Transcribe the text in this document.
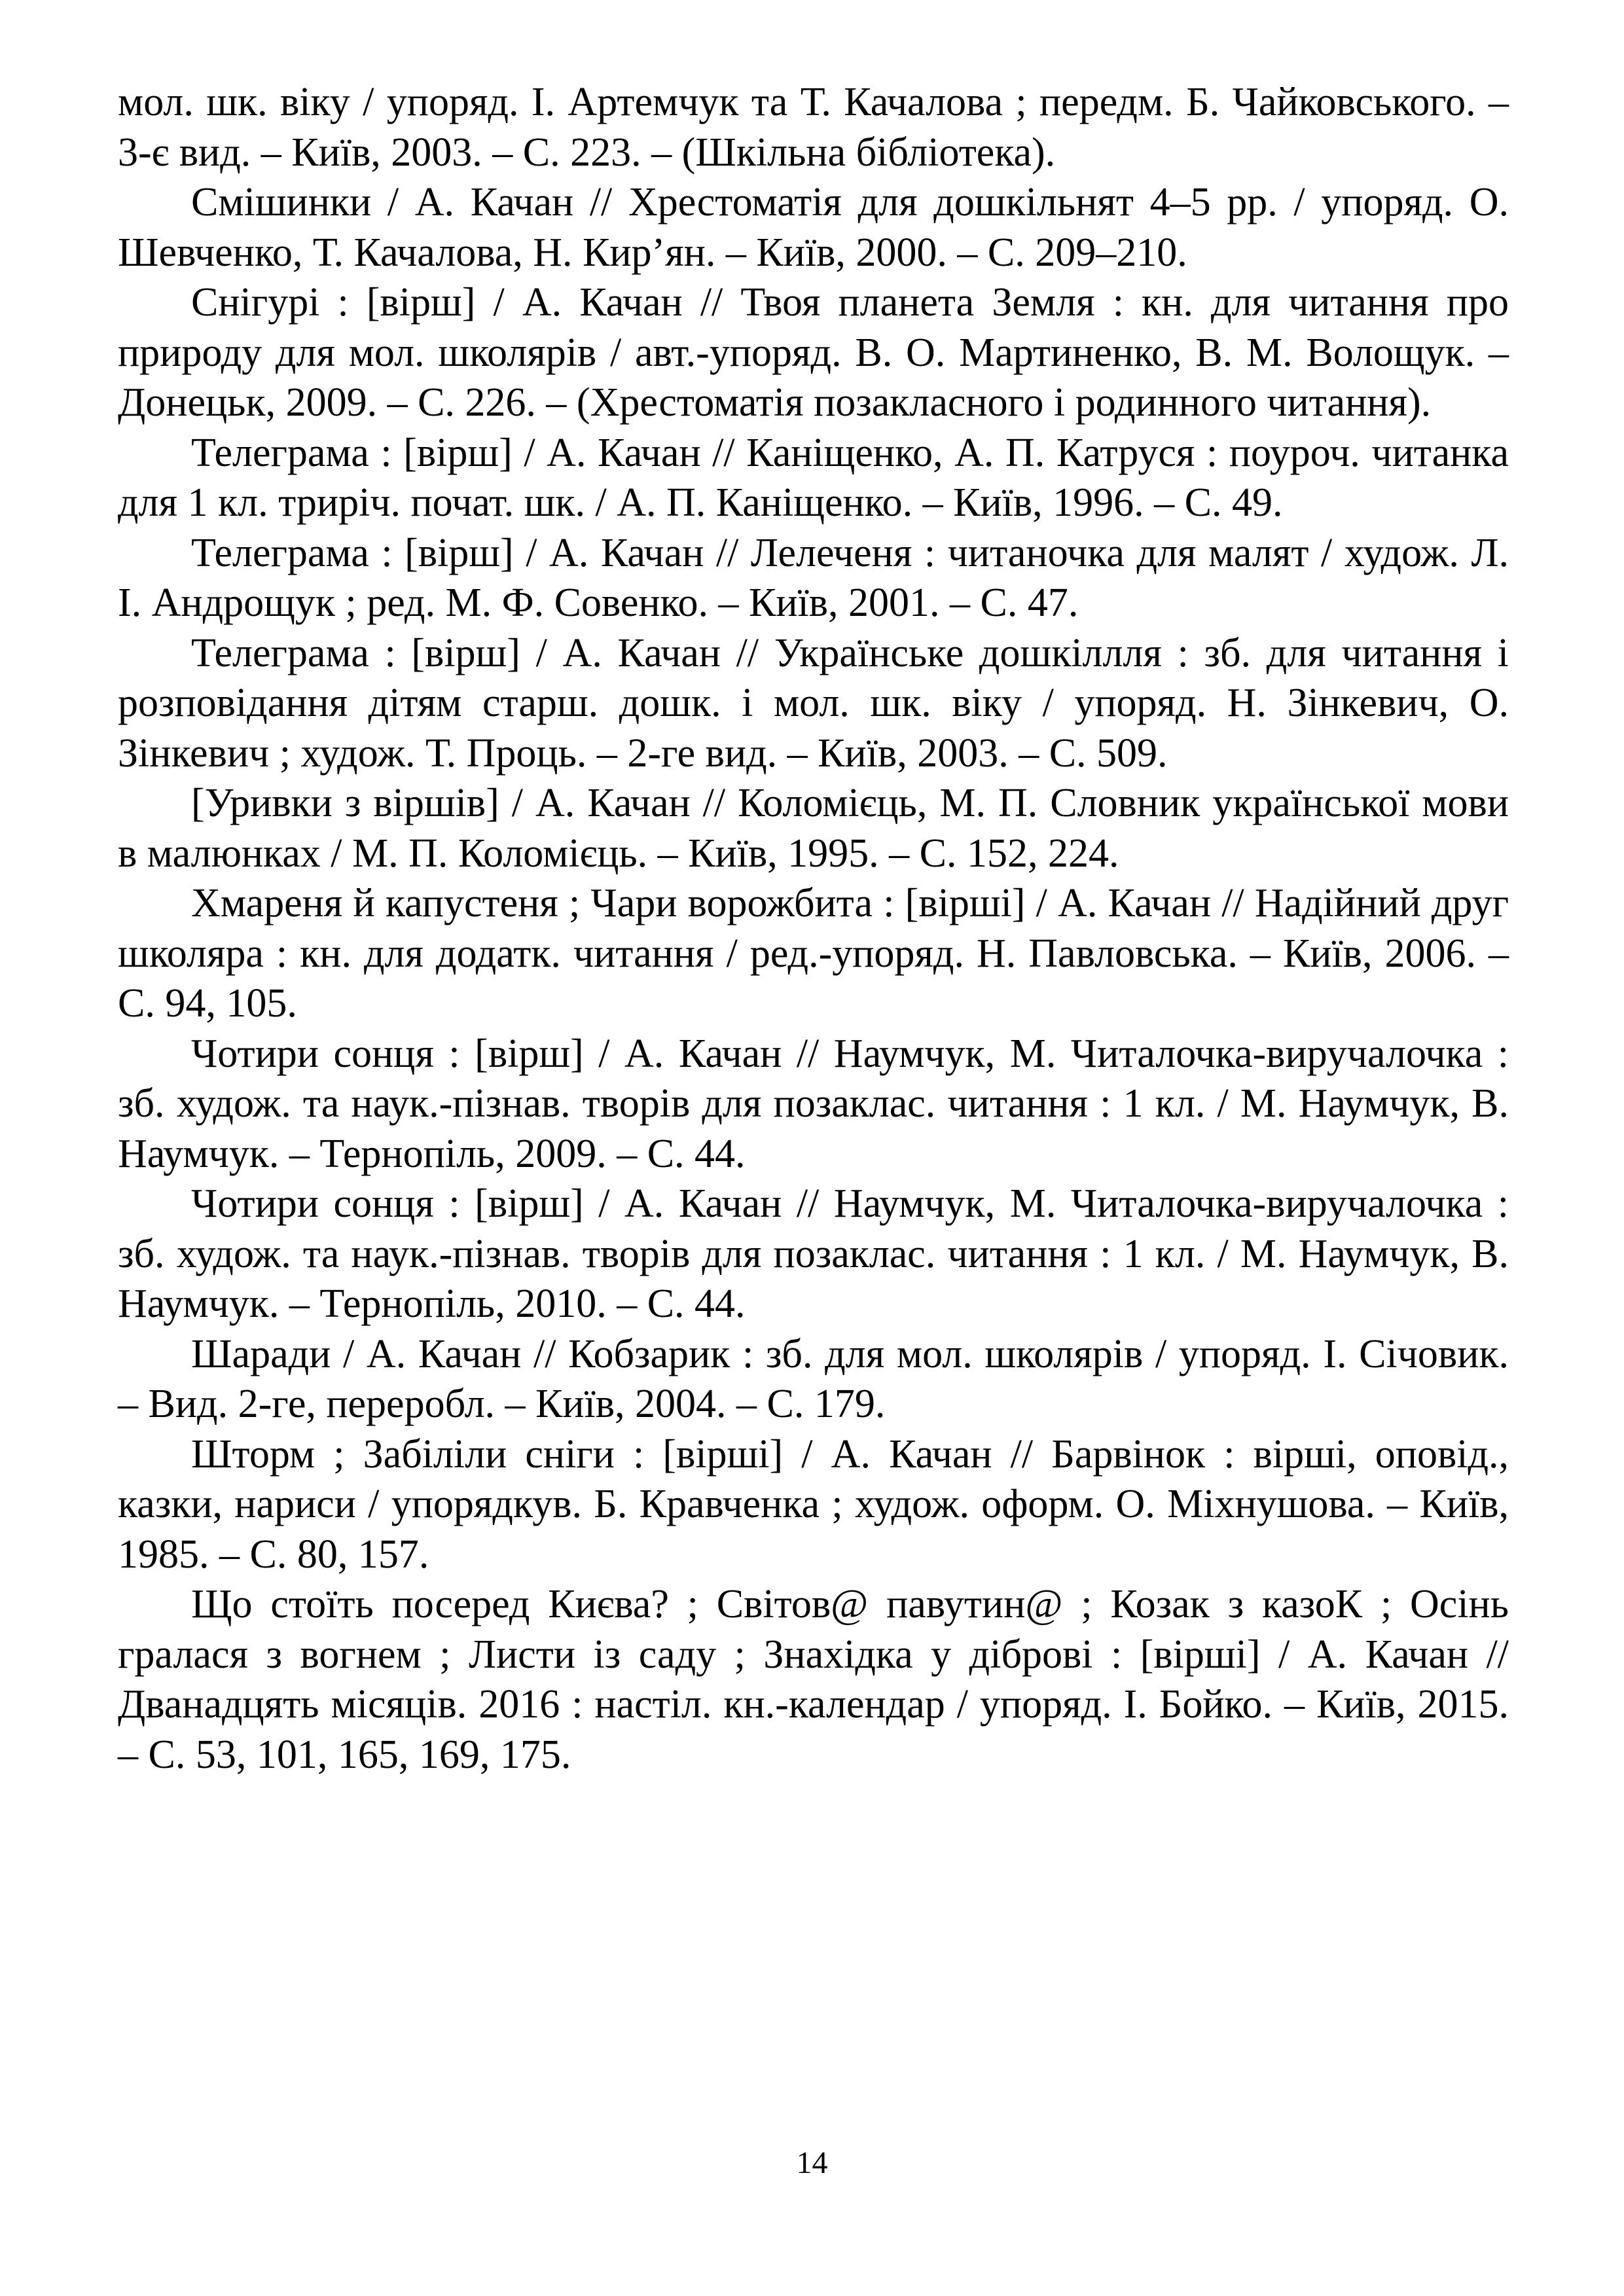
мол. шк. віку / упоряд. І. Артемчук та Т. Качалова ; передм. Б. Чайковського. – 3-є вид. – Київ, 2003. – С. 223. – (Шкільна бібліотека).

Смішинки / А. Качан // Хрестоматія для дошкільнят 4–5 рр. / упоряд. О. Шевченко, Т. Качалова, Н. Кир’ян. – Київ, 2000. – С. 209–210.

Снігурі : [вірш] / А. Качан // Твоя планета Земля : кн. для читання про природу для мол. школярів / авт.-упоряд. В. О. Мартиненко, В. М. Волощук. – Донецьк, 2009. – С. 226. – (Хрестоматія позакласного і родинного читання).

Телеграма : [вірш] / А. Качан // Каніщенко, А. П. Катруся : поуроч. читанка для 1 кл. триріч. почат. шк. / А. П. Каніщенко. – Київ, 1996. – С. 49.

Телеграма : [вірш] / А. Качан // Лелеченя : читаночка для малят / худож. Л. І. Андрощук ; ред. М. Ф. Совенко. – Київ, 2001. – С. 47.

Телеграма : [вірш] / А. Качан // Українське дошкіллля : зб. для читання і розповідання дітям старш. дошк. і мол. шк. віку / упоряд. Н. Зінкевич, О. Зінкевич ; худож. Т. Проць. – 2-ге вид. – Київ, 2003. – С. 509.

[Уривки з віршів] / А. Качан // Коломієць, М. П. Словник української мови в малюнках / М. П. Коломієць. – Київ, 1995. – С. 152, 224.

Хмареня й капустеня ; Чари ворожбита : [вірші] / А. Качан // Надійний друг школяра : кн. для додатк. читання / ред.-упоряд. Н. Павловська. – Київ, 2006. – С. 94, 105.

Чотири сонця : [вірш] / А. Качан // Наумчук, М. Читалочка-виручалочка : зб. худож. та наук.-пізнав. творів для позаклас. читання : 1 кл. / М. Наумчук, В. Наумчук. – Тернопіль, 2009. – С. 44.

Чотири сонця : [вірш] / А. Качан // Наумчук, М. Читалочка-виручалочка : зб. худож. та наук.-пізнав. творів для позаклас. читання : 1 кл. / М. Наумчук, В. Наумчук. – Тернопіль, 2010. – С. 44.

Шаради / А. Качан // Кобзарик : зб. для мол. школярів / упоряд. І. Січовик. – Вид. 2-ге, переробл. – Київ, 2004. – С. 179.

Шторм ; Забіліли сніги : [вірші] / А. Качан // Барвінок : вірші, оповід., казки, нариси / упорядкув. Б. Кравченка ; худож. оформ. О. Міхнушова. – Київ, 1985. – С. 80, 157.

Що стоїть посеред Києва? ; Світов@ павутин@ ; Козак з казоК ; Осінь гралася з вогнем ; Листи із саду ; Знахідка у діброві : [вірші] / А. Качан // Дванадцять місяців. 2016 : настіл. кн.-календар / упоряд. І. Бойко. – Київ, 2015. – С. 53, 101, 165, 169, 175.

14
